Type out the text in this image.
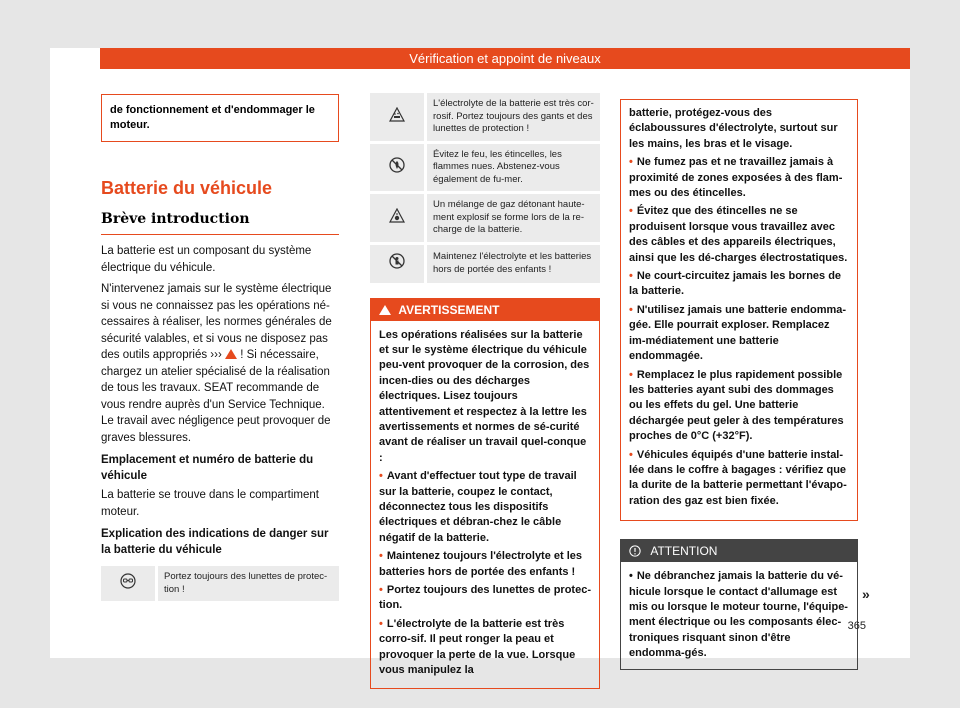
Vérification et appoint de niveaux
de fonctionnement et d'endommager le moteur.
Batterie du véhicule
Brève introduction

La batterie est un composant du système électrique du véhicule.

N'intervenez jamais sur le système électrique si vous ne connaissez pas les opérations né-cessaires à réaliser, les normes générales de sécurité valables, et si vous ne disposez pas des outils appropriés ›››  ! Si nécessaire, chargez un atelier spécialisé de la réalisation de tous les travaux. SEAT recommande de vous rendre auprès d'un Service Technique. Le travail avec négligence peut provoquer de graves blessures.

Emplacement et numéro de batterie du véhicule

La batterie se trouve dans le compartiment moteur.

Explication des indications de danger sur la batterie du véhicule
	Portez toujours des lunettes de protec-tion !
	L'électrolyte de la batterie est très cor-rosif. Portez toujours des gants et des lunettes de protection !
	Évitez le feu, les étincelles, les flammes nues. Abstenez-vous également de fu-mer.
	Un mélange de gaz détonant haute-ment explosif se forme lors de la re-charge de la batterie.
	Maintenez l'électrolyte et les batteries hors de portée des enfants !
AVERTISSEMENT

Les opérations réalisées sur la batterie et sur le système électrique du véhicule peu-vent provoquer de la corrosion, des incen-dies ou des décharges électriques. Lisez toujours attentivement et respectez à la lettre les avertissements et normes de sé-curité avant de réaliser un travail quel-conque :

• Avant d'effectuer tout type de travail sur la batterie, coupez le contact, déconnectez tous les dispositifs électriques et débran-chez le câble négatif de la batterie.

• Maintenez toujours l'électrolyte et les batteries hors de portée des enfants !

• Portez toujours des lunettes de protec-tion.

• L'électrolyte de la batterie est très corro-sif. Il peut ronger la peau et provoquer la perte de la vue. Lorsque vous manipulez la

batterie, protégez-vous des éclaboussures d'électrolyte, surtout sur les mains, les bras et le visage.

• Ne fumez pas et ne travaillez jamais à proximité de zones exposées à des flam-mes ou des étincelles.

• Évitez que des étincelles ne se produisent lorsque vous travaillez avec des câbles et des appareils électriques, ainsi que les dé-charges électrostatiques.

• Ne court-circuitez jamais les bornes de la batterie.

• N'utilisez jamais une batterie endomma-gée. Elle pourrait exploser. Remplacez im-médiatement une batterie endommagée.

• Remplacez le plus rapidement possible les batteries ayant subi des dommages ou les effets du gel. Une batterie déchargée peut geler à des températures proches de 0°C (+32°F).

• Véhicules équipés d'une batterie instal-lée dans le coffre à bagages : vérifiez que la durite de la batterie permettant l'évapo-ration des gaz est bien fixée.

ATTENTION

• Ne débranchez jamais la batterie du vé-hicule lorsque le contact d'allumage est mis ou lorsque le moteur tourne, l'équipe-ment électrique ou les composants élec-troniques risquant sinon d'être endomma-gés.

»
365
